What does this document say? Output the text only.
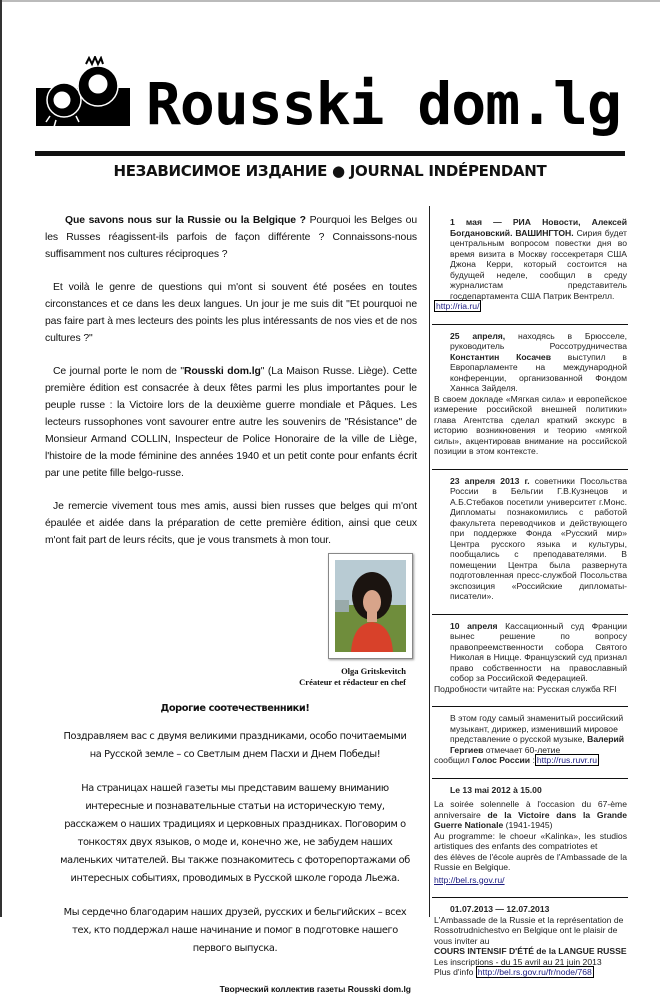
Rousski dom.lg
НЕЗАВИСИМОЕ ИЗДАНИЕ ● JOURNAL INDÉPENDANT

Que savons nous sur la Russie ou la Belgique ? Pourquoi les Belges ou les Russes réagissent-ils parfois de façon différente ? Connaissons-nous suffisamment nos cultures réciproques ?

Et voilà le genre de questions qui m'ont si souvent été posées en toutes circonstances et ce dans les deux langues. Un jour je me suis dit "Et pourquoi ne pas faire part à mes lecteurs des points les plus intéressants de nos vies et de nos cultures ?"

Ce journal porte le nom de "Rousski dom.lg" (La Maison Russe. Liège). Cette première édition est consacrée à deux fêtes parmi les plus importantes pour le peuple russe : la Victoire lors de la deuxième guerre mondiale et Pâques. Les lecteurs russophones vont savourer entre autre les souvenirs de "Résistance" de Monsieur Armand COLLIN, Inspecteur de Police Honoraire de la ville de Liège, l'histoire de la mode féminine des années 1940 et un petit conte pour enfants écrit par une petite fille belgo-russe.

Je remercie vivement tous mes amis, aussi bien russes que belges qui m'ont épaulée et aidée dans la préparation de cette première édition, ainsi que ceux m'ont fait part de leurs récits, que je vous transmets à mon tour.

Olga Gritskevitch
Créateur et rédacteur en chef
Дорогие соотечественники!

Поздравляем вас с двумя великими праздниками, особо почитаемыми на Русской земле – со Светлым днем Пасхи и Днем Победы!

На страницах нашей газеты мы представим вашему вниманию интересные и познавательные статьи на историческую тему, расскажем о наших традициях и церковных праздниках. Поговорим о тонкостях двух языков, о моде и, конечно же, не забудем наших маленьких читателей. Вы также познакомитесь с фоторепортажами об интересных событиях, проводимых в Русской школе города Льежа.

Мы сердечно благодарим наших друзей, русских и бельгийских – всех тех, кто поддержал наше начинание и помог в подготовке нашего первого выпуска.

Творческий коллектив газеты Rousski dom.lg

1 мая — РИА Новости, Алексей Богдановский. ВАШИНГТОН. Сирия будет центральным вопросом повестки дня во время визита в Москву госсекретаря США Джона Керри, который состоится на будущей неделе, сообщил в среду журналистам представитель госдепартамента США Патрик Вентрелл.

http://ria.ru/

25 апреля, находясь в Брюсселе, руководитель Россотрудничества Константин Косачев выступил в Европарламенте на международной конференции, организованной Фондом Ханнса Зайделя.

В своем докладе «Мягкая сила» и европейское измерение российской внешней политики» глава Агентства сделал краткий экскурс в историю возникновения и теорию «мягкой силы», акцентировав внимание на российской позиции в этом контексте.

23 апреля 2013 г. советники Посольства России в Бельгии Г.В.Кузнецов и А.Б.Стебаков посетили университет г.Монс. Дипломаты познакомились с работой факультета переводчиков и действующего при поддержке Фонда «Русский мир» Центра русского языка и культуры, пообщались с преподавателями. В помещении Центра была развернута подготовленная пресс-службой Посольства экспозиция «Российские дипломаты-писатели».

10 апреля Кассационный суд Франции вынес решение по вопросу правопреемственности собора Святого Николая в Ницце. Французский суд признал право собственности на православный собор за Российской Федерацией.

Подробности читайте на: Русская служба RFI

В этом году самый знаменитый российский музыкант, дирижер, изменивший мировое представление о русской музыке, Валерий Гергиев отмечает 60-летие

сообщил Голос России : http://rus.ruvr.ru

Le 13 mai 2012 à 15.00

La soirée solennelle à l'occasion du 67-ème anniversaire de la Victoire dans la Grande Guerre Nationale (1941-1945)

Au programme: le choeur «Kalinka», les studios artistiques des enfants des compatriotes et

des élèves de l'école auprès de l'Ambassade de la Russie en Belgique.

http://bel.rs.gov.ru/

01.07.2013 — 12.07.2013

L'Ambassade de la Russie et la représentation de Rossotrudnichestvo en Belgique ont le plaisir de vous inviter au

COURS INTENSIF D'ÉTÉ de la LANGUE RUSSE

Les inscriptions - du 15 avril au 21 juin 2013

Plus d'info http://bel.rs.gov.ru/fr/node/768
